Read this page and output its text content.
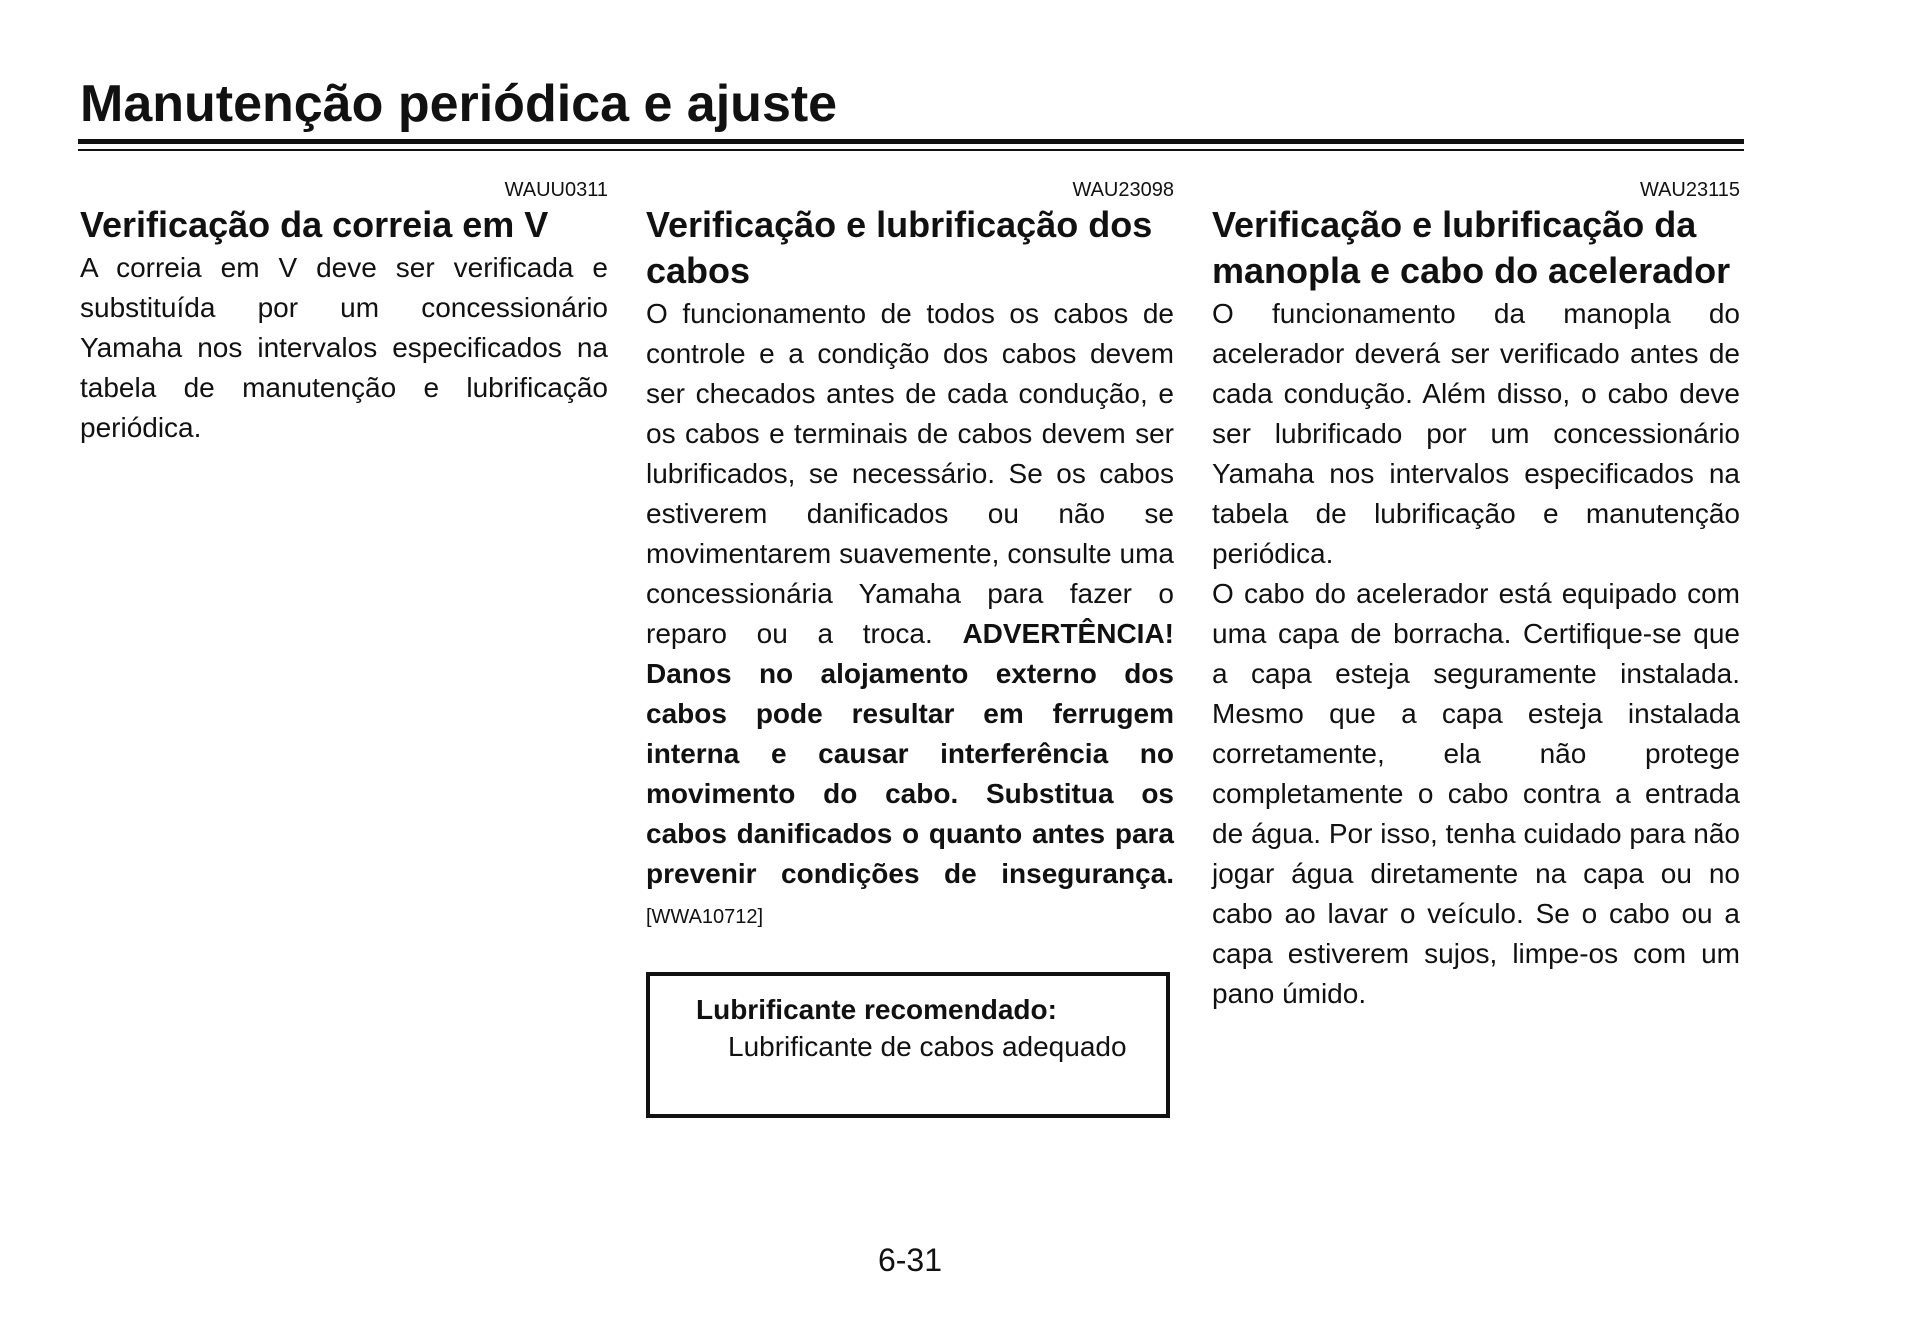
Manutenção periódica e ajuste
WAUU0311
Verificação da correia em V

A correia em V deve ser verificada e substituída por um concessionário Yamaha nos intervalos especificados na tabela de manutenção e lubrificação periódica.

WAU23098
Verificação e lubrificação dos cabos

O funcionamento de todos os cabos de controle e a condição dos cabos devem ser checados antes de cada condução, e os cabos e terminais de cabos devem ser lubrificados, se necessário. Se os cabos estiverem danificados ou não se movimentarem suavemente, consulte uma concessionária Yamaha para fazer o reparo ou a troca. ADVERTÊNCIA! Danos no alojamento externo dos cabos pode resultar em ferrugem interna e causar interferência no movimento do cabo. Substitua os cabos danificados o quanto antes para prevenir condições de insegurança. [WWA10712]

Lubrificante recomendado:
Lubrificante de cabos adequado
WAU23115
Verificação e lubrificação da manopla e cabo do acelerador

O funcionamento da manopla do acelerador deverá ser verificado antes de cada condução. Além disso, o cabo deve ser lubrificado por um concessionário Yamaha nos intervalos especificados na tabela de lubrificação e manutenção periódica.

O cabo do acelerador está equipado com uma capa de borracha. Certifique-se que a capa esteja seguramente instalada. Mesmo que a capa esteja instalada corretamente, ela não protege completamente o cabo contra a entrada de água. Por isso, tenha cuidado para não jogar água diretamente na capa ou no cabo ao lavar o veículo. Se o cabo ou a capa estiverem sujos, limpe-os com um pano úmido.

6-31
